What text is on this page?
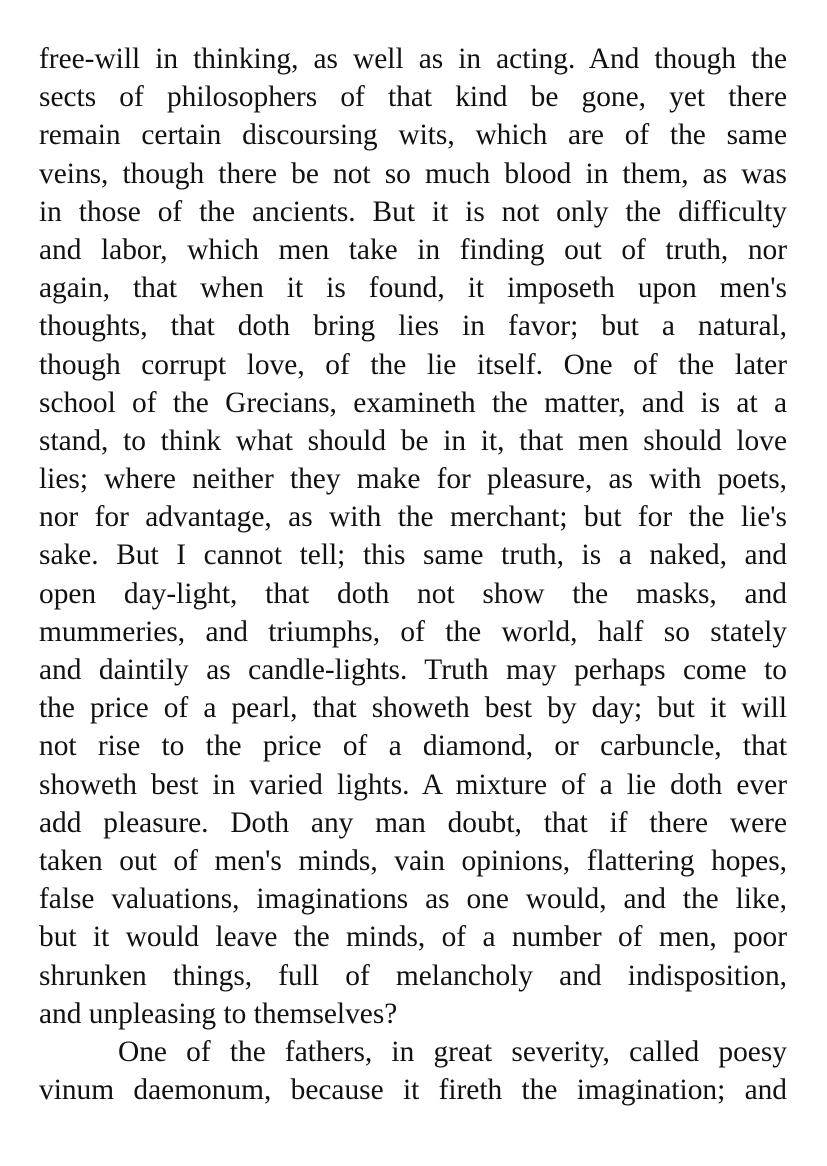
free-will in thinking, as well as in acting. And though the
sects of philosophers of that kind be gone, yet there
remain certain discoursing wits, which are of the same
veins, though there be not so much blood in them, as was
in those of the ancients. But it is not only the difficulty
and labor, which men take in finding out of truth, nor
again, that when it is found, it imposeth upon men's
thoughts, that doth bring lies in favor; but a natural,
though corrupt love, of the lie itself. One of the later
school of the Grecians, examineth the matter, and is at a
stand, to think what should be in it, that men should love
lies; where neither they make for pleasure, as with poets,
nor for advantage, as with the merchant; but for the lie's
sake. But I cannot tell; this same truth, is a naked, and
open day-light, that doth not show the masks, and
mummeries, and triumphs, of the world, half so stately
and daintily as candle-lights. Truth may perhaps come to
the price of a pearl, that showeth best by day; but it will
not rise to the price of a diamond, or carbuncle, that
showeth best in varied lights. A mixture of a lie doth ever
add pleasure. Doth any man doubt, that if there were
taken out of men's minds, vain opinions, flattering hopes,
false valuations, imaginations as one would, and the like,
but it would leave the minds, of a number of men, poor
shrunken things, full of melancholy and indisposition,
and unpleasing to themselves?
One of the fathers, in great severity, called poesy
vinum daemonum, because it fireth the imagination; and
